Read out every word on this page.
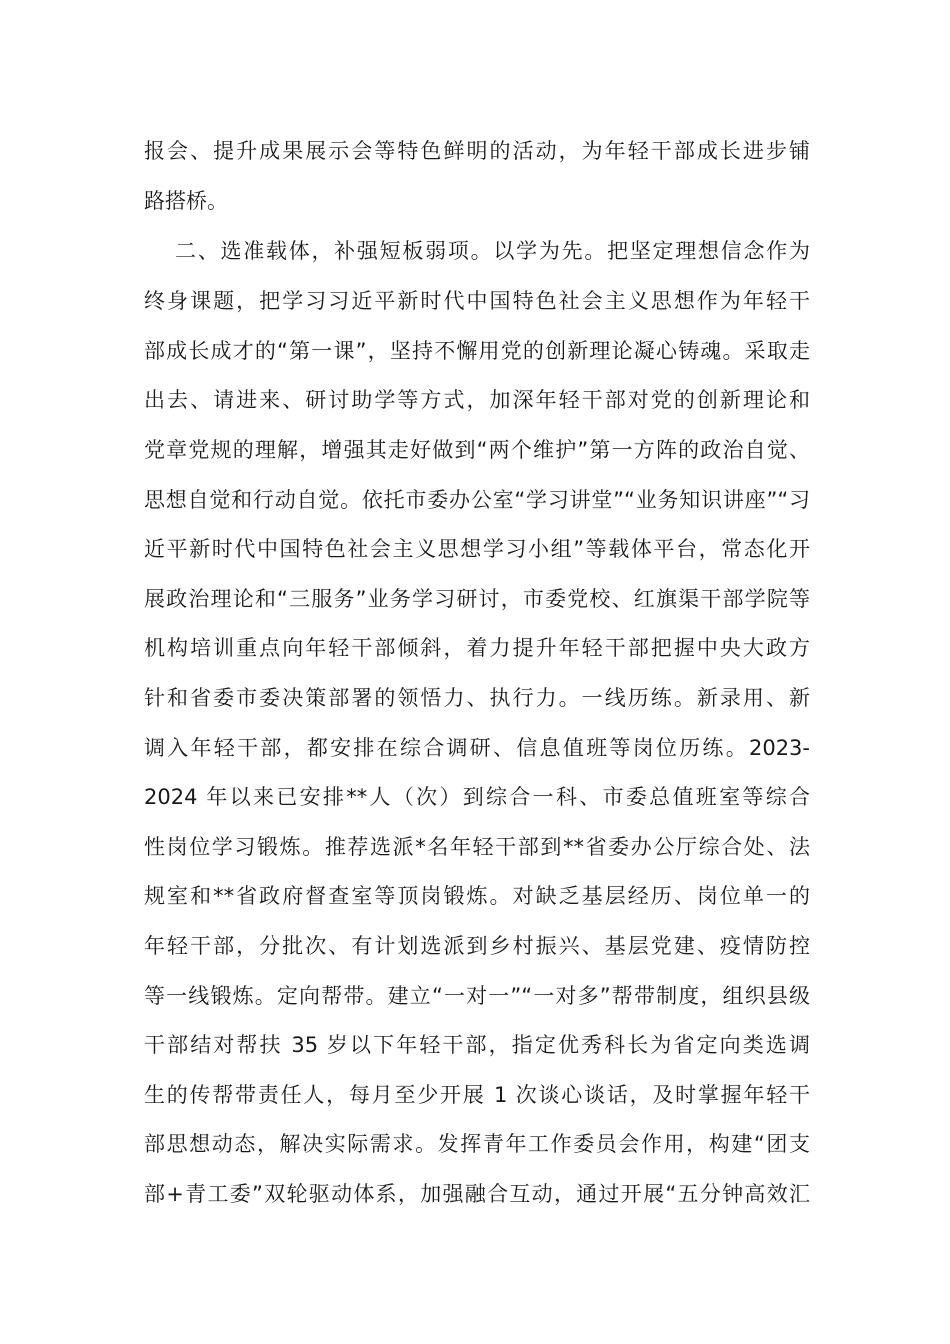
报会、提升成果展示会等特色鲜明的活动，为年轻干部成长进步铺
路搭桥。
二、选准载体，补强短板弱项。以学为先。把坚定理想信念作为
终身课题，把学习习近平新时代中国特色社会主义思想作为年轻干
部成长成才的“第一课”，坚持不懈用党的创新理论凝心铸魂。采取走
出去、请进来、研讨助学等方式，加深年轻干部对党的创新理论和
党章党规的理解，增强其走好做到“两个维护”第一方阵的政治自觉、
思想自觉和行动自觉。依托市委办公室“学习讲堂”“业务知识讲座”“习
近平新时代中国特色社会主义思想学习小组”等载体平台，常态化开
展政治理论和“三服务”业务学习研讨，市委党校、红旗渠干部学院等
机构培训重点向年轻干部倾斜，着力提升年轻干部把握中央大政方
针和省委市委决策部署的领悟力、执行力。一线历练。新录用、新
调入年轻干部，都安排在综合调研、信息值班等岗位历练。2023-
2024 年以来已安排**人（次）到综合一科、市委总值班室等综合
性岗位学习锻炼。推荐选派*名年轻干部到**省委办公厅综合处、法
规室和**省政府督查室等顶岗锻炼。对缺乏基层经历、岗位单一的
年轻干部，分批次、有计划选派到乡村振兴、基层党建、疫情防控
等一线锻炼。定向帮带。建立“一对一”“一对多”帮带制度，组织县级
干部结对帮扶 35 岁以下年轻干部，指定优秀科长为省定向类选调
生的传帮带责任人，每月至少开展 1 次谈心谈话，及时掌握年轻干
部思想动态，解决实际需求。发挥青年工作委员会作用，构建“团支
部+青工委”双轮驱动体系，加强融合互动，通过开展“五分钟高效汇
